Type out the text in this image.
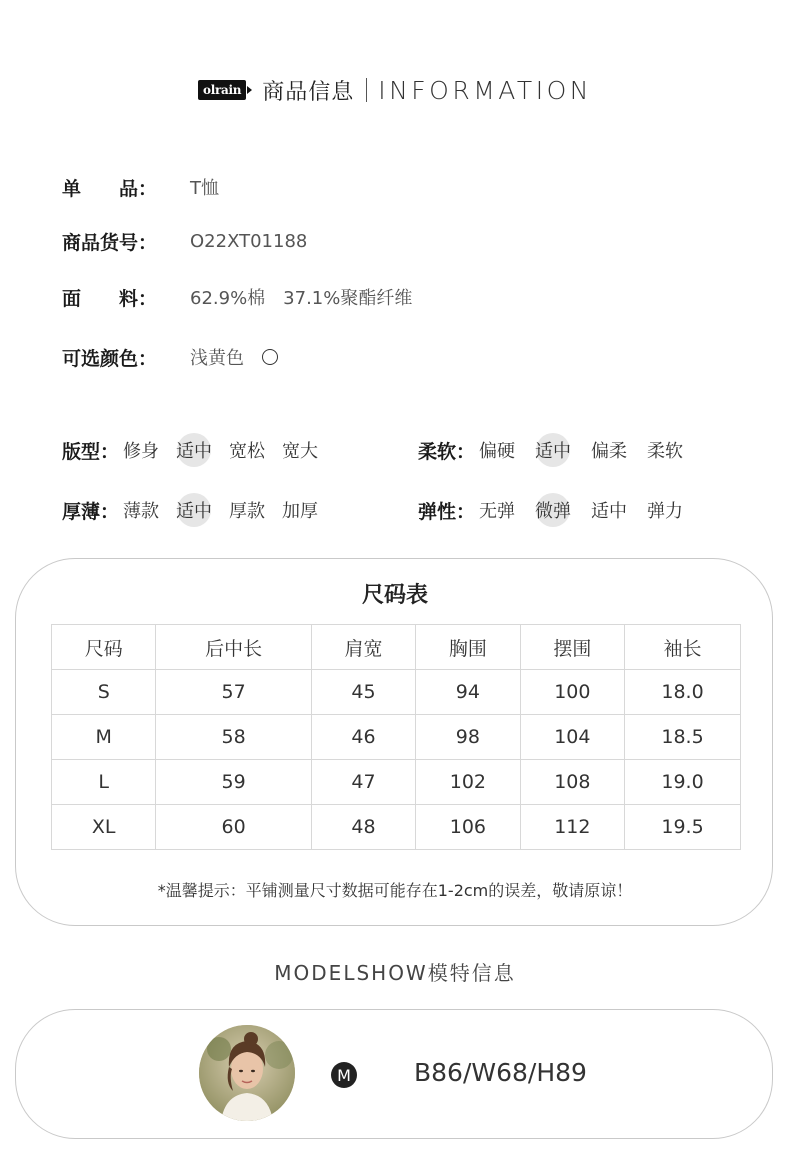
olrain 商品信息 INFORMATION
单　　品：	T恤
商品货号：	O22XT01188
面　　料：	62.9%棉　37.1%聚酯纤维
可选颜色：	浅黄色
版型： 修身 适中 宽松 宽大	柔软： 偏硬 适中 偏柔 柔软
厚薄： 薄款 适中 厚款 加厚	弹性： 无弹 微弹 适中 弹力
尺码表
尺码	后中长	肩宽	胸围	摆围	袖长
S	57	45	94	100	18.0
M	58	46	98	104	18.5
L	59	47	102	108	19.0
XL	60	48	106	112	19.5
*温馨提示：平铺测量尺寸数据可能存在1-2cm的误差，敬请原谅！
MODELSHOW模特信息
M	B86/W68/H89
